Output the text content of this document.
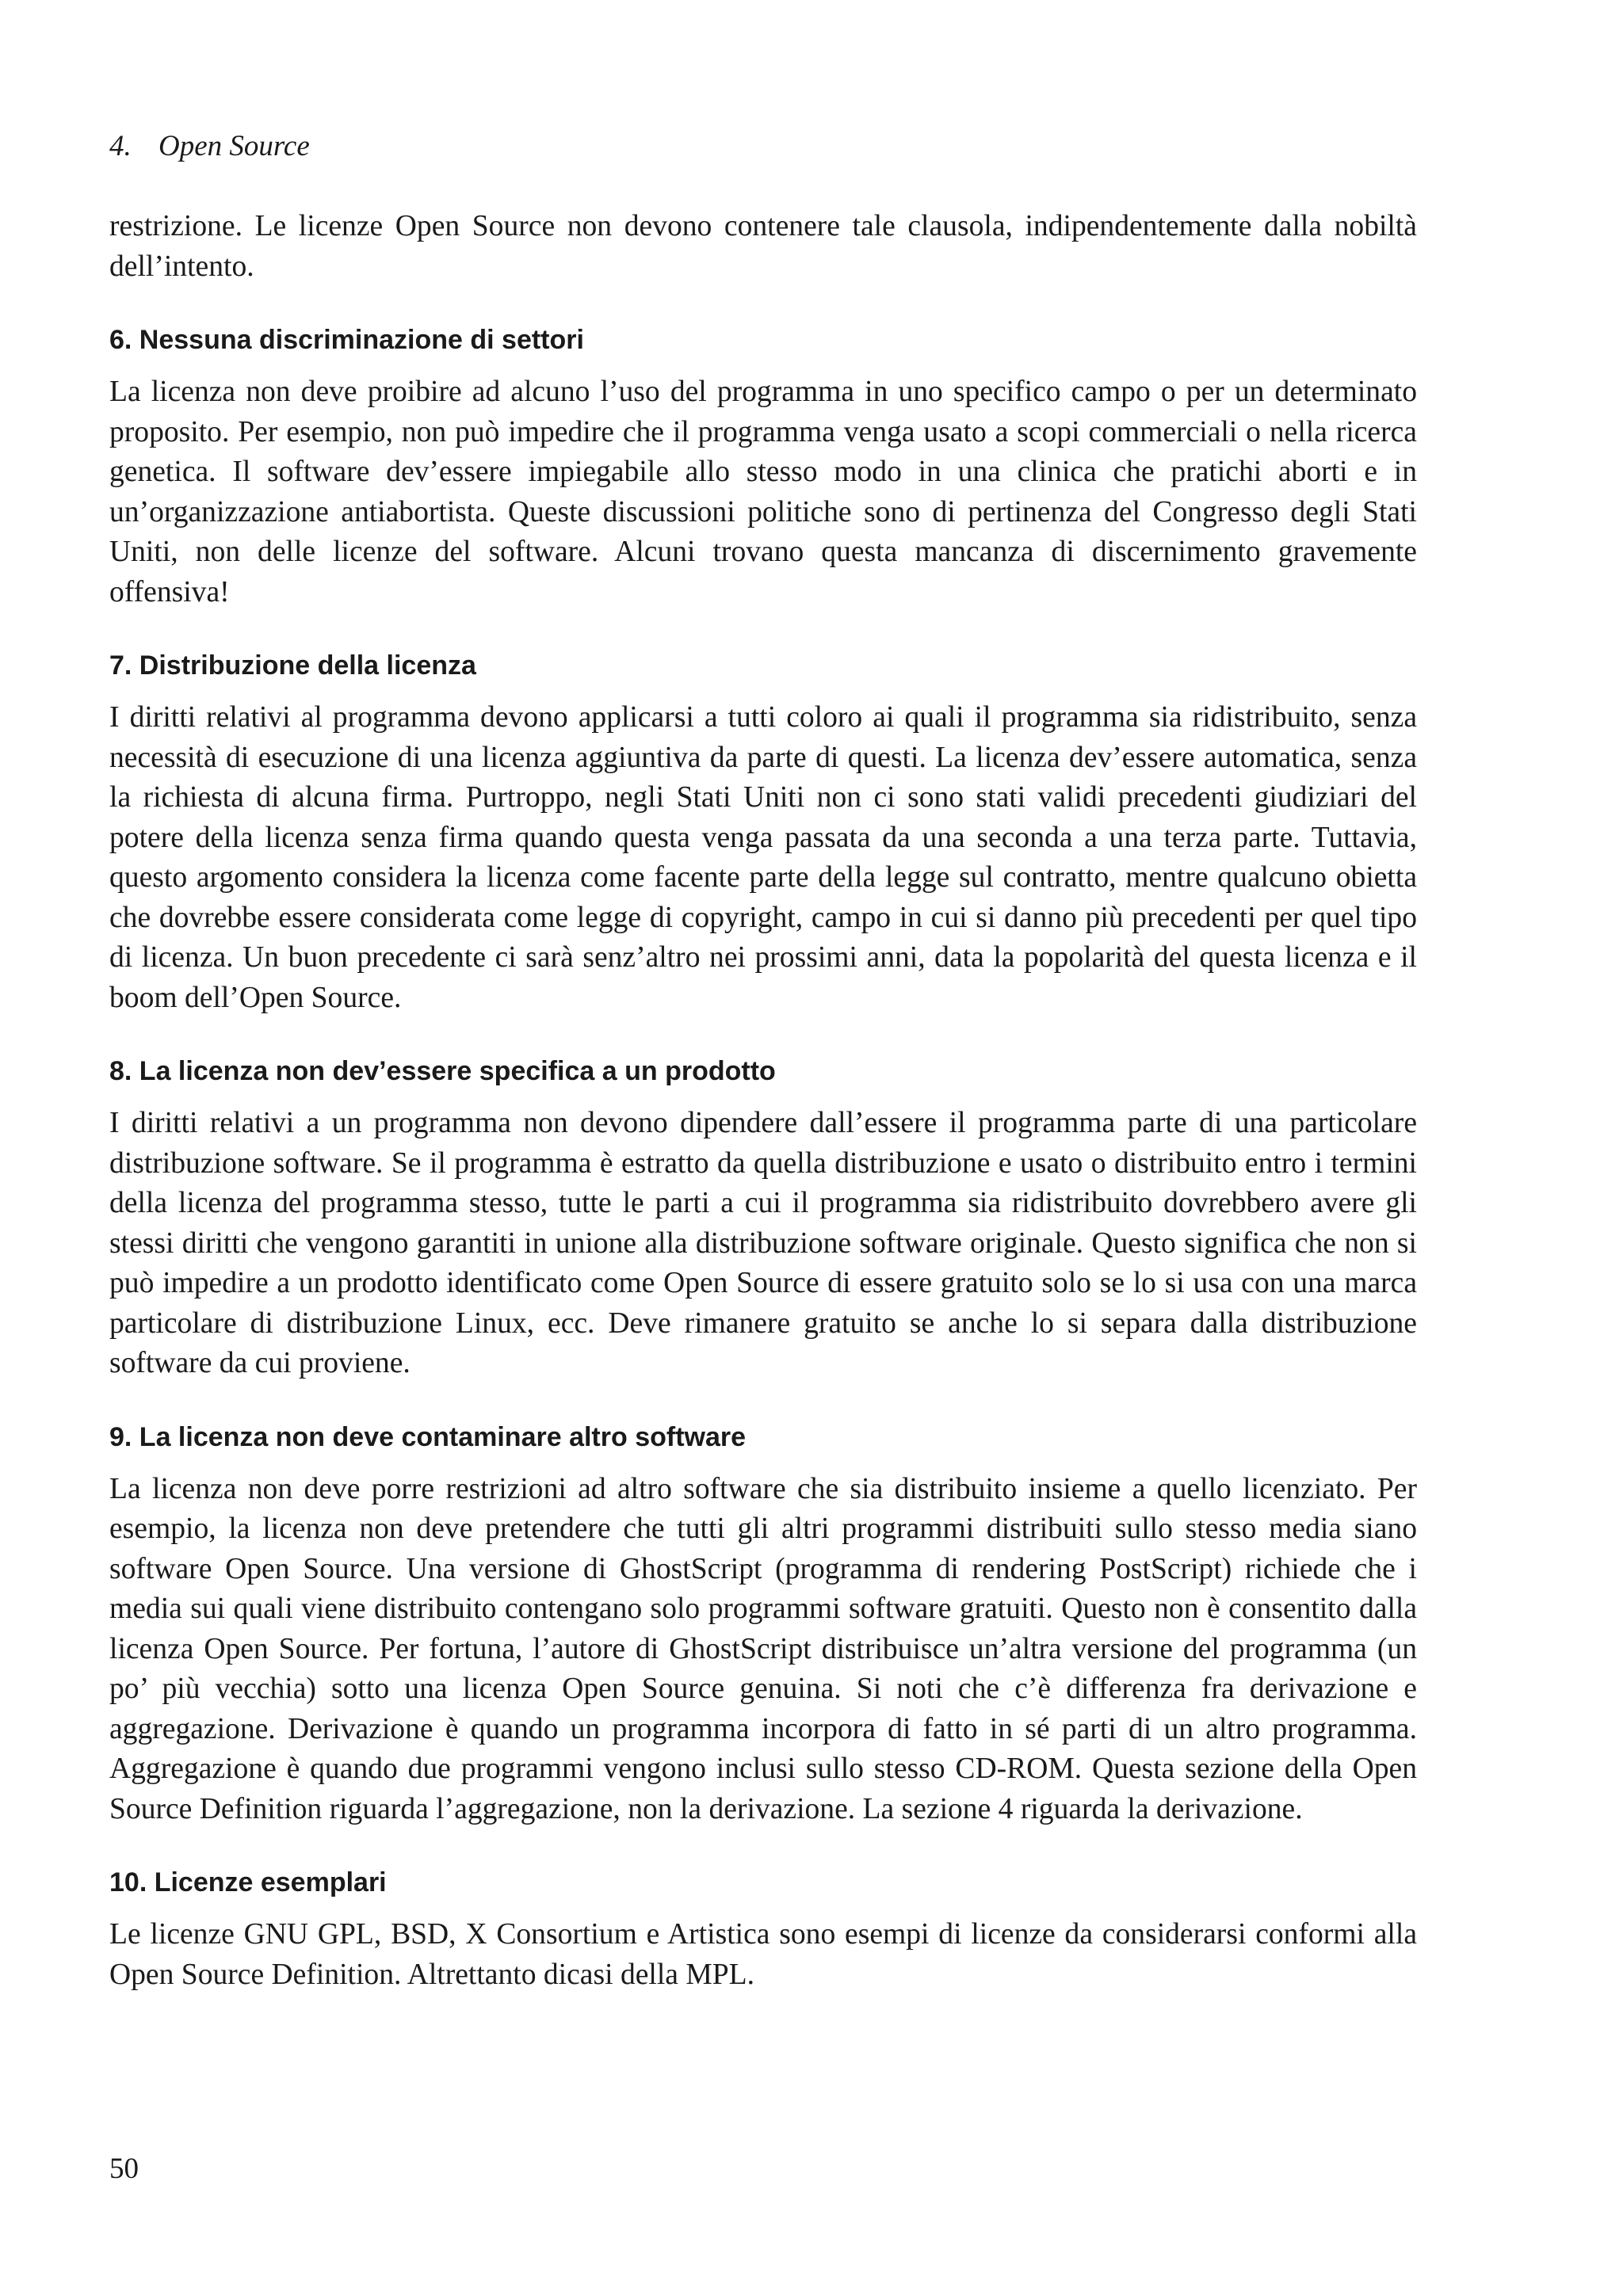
4. Open Source

restrizione. Le licenze Open Source non devono contenere tale clausola, indipendentemente dalla nobiltà dell’intento.

6. Nessuna discriminazione di settori

La licenza non deve proibire ad alcuno l’uso del programma in uno specifico campo o per un determinato proposito. Per esempio, non può impedire che il programma venga usato a scopi commerciali o nella ricerca genetica. Il software dev’essere impiegabile allo stesso modo in una clinica che pratichi aborti e in un’organizzazione antiabortista. Queste discussioni politiche sono di pertinenza del Congresso degli Stati Uniti, non delle licenze del software. Alcuni trovano questa mancanza di discernimento gravemente offensiva!

7. Distribuzione della licenza

I diritti relativi al programma devono applicarsi a tutti coloro ai quali il programma sia ridistribuito, senza necessità di esecuzione di una licenza aggiuntiva da parte di questi. La licenza dev’essere automatica, senza la richiesta di alcuna firma. Purtroppo, negli Stati Uniti non ci sono stati validi precedenti giudiziari del potere della licenza senza firma quando questa venga passata da una seconda a una terza parte. Tuttavia, questo argomento considera la licenza come facente parte della legge sul contratto, mentre qualcuno obietta che dovrebbe essere considerata come legge di copyright, campo in cui si danno più precedenti per quel tipo di licenza. Un buon precedente ci sarà senz’altro nei prossimi anni, data la popolarità del questa licenza e il boom dell’Open Source.

8. La licenza non dev’essere specifica a un prodotto

I diritti relativi a un programma non devono dipendere dall’essere il programma parte di una particolare distribuzione software. Se il programma è estratto da quella distribuzione e usato o distribuito entro i termini della licenza del programma stesso, tutte le parti a cui il programma sia ridistribuito dovrebbero avere gli stessi diritti che vengono garantiti in unione alla distribuzione software originale. Questo significa che non si può impedire a un prodotto identificato come Open Source di essere gratuito solo se lo si usa con una marca particolare di distribuzione Linux, ecc. Deve rimanere gratuito se anche lo si separa dalla distribuzione software da cui proviene.

9. La licenza non deve contaminare altro software

La licenza non deve porre restrizioni ad altro software che sia distribuito insieme a quello licenziato. Per esempio, la licenza non deve pretendere che tutti gli altri programmi distribuiti sullo stesso media siano software Open Source. Una versione di GhostScript (programma di rendering PostScript) richiede che i media sui quali viene distribuito contengano solo programmi software gratuiti. Questo non è consentito dalla licenza Open Source. Per fortuna, l’autore di GhostScript distribuisce un’altra versione del programma (un po’ più vecchia) sotto una licenza Open Source genuina. Si noti che c’è differenza fra derivazione e aggregazione. Derivazione è quando un programma incorpora di fatto in sé parti di un altro programma. Aggregazione è quando due programmi vengono inclusi sullo stesso CD-ROM. Questa sezione della Open Source Definition riguarda l’aggregazione, non la derivazione. La sezione 4 riguarda la derivazione.

10. Licenze esemplari

Le licenze GNU GPL, BSD, X Consortium e Artistica sono esempi di licenze da considerarsi conformi alla Open Source Definition. Altrettanto dicasi della MPL.

50
